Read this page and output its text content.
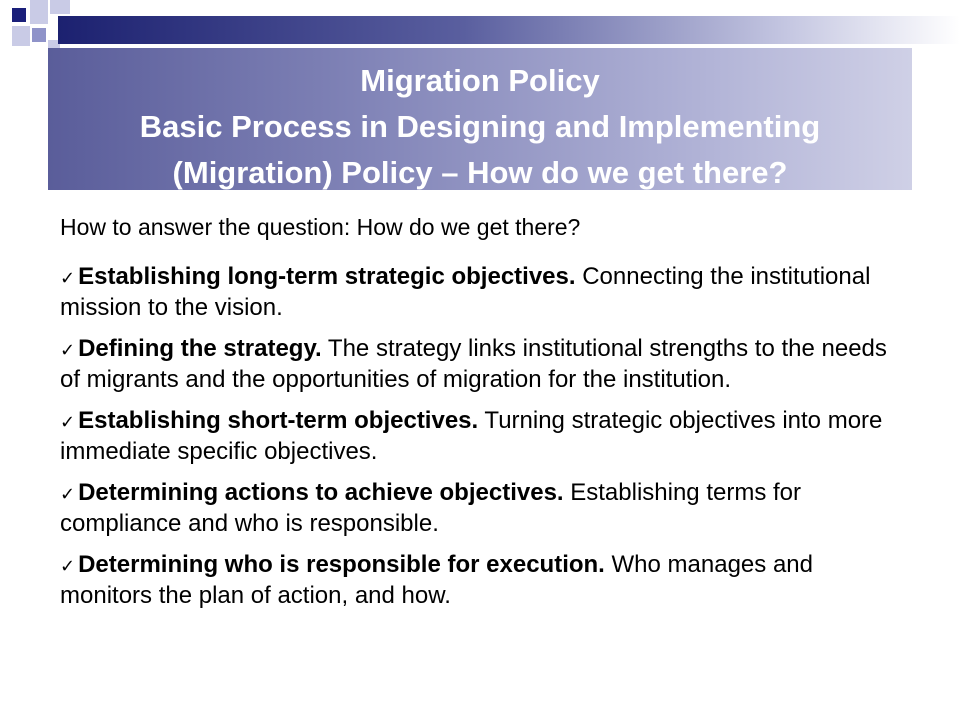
Migration Policy
Basic Process in Designing and Implementing
(Migration) Policy – How do we get there?

How to answer the question: How do we get there?

✓ Establishing long-term strategic objectives. Connecting the institutional mission to the vision.
✓ Defining the strategy. The strategy links institutional strengths to the needs of migrants and the opportunities of migration for the institution.
✓ Establishing short-term objectives. Turning strategic objectives into more immediate specific objectives.
✓ Determining actions to achieve objectives. Establishing terms for compliance and who is responsible.
✓ Determining who is responsible for execution. Who manages and monitors the plan of action, and how.
